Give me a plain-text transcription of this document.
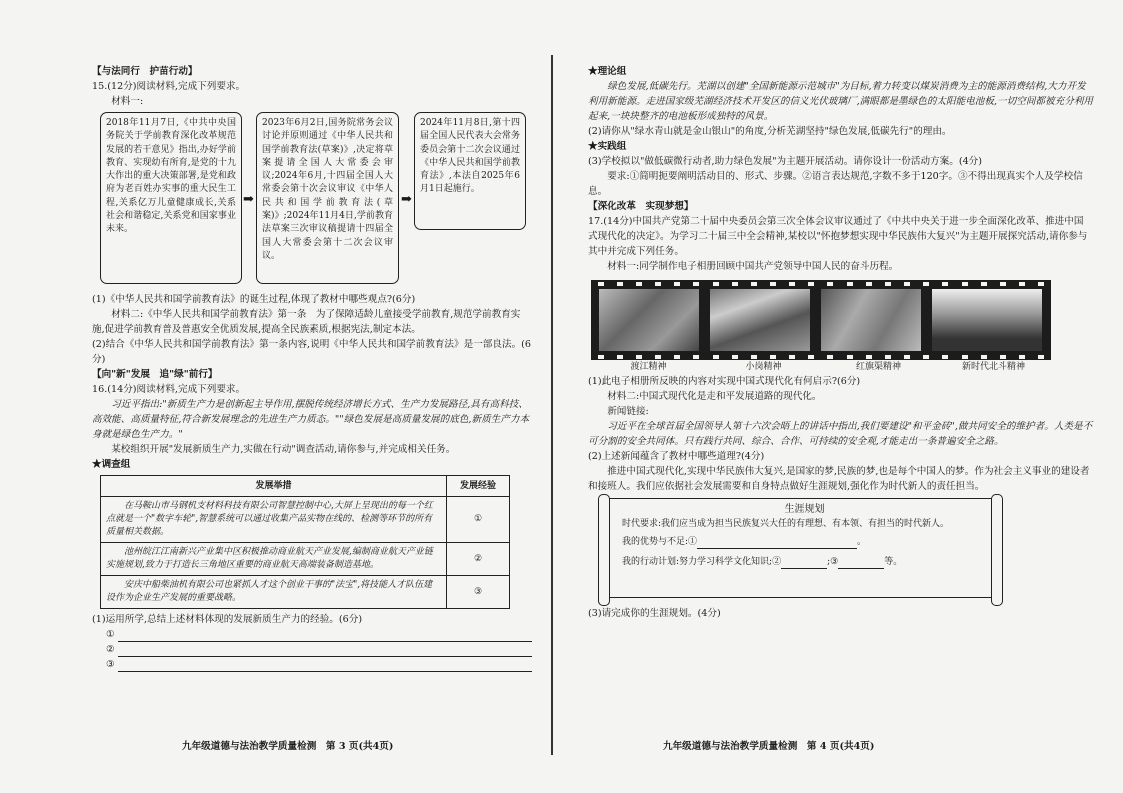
【与法同行　护苗行动】
15.(12分)阅读材料,完成下列要求。
材料一:
2018年11月7日,《中共中央国务院关于学前教育深化改革规范发展的若干意见》指出,办好学前教育、实现幼有所育,是党的十九大作出的重大决策部署,是党和政府为老百姓办实事的重大民生工程,关系亿万儿童健康成长,关系社会和谐稳定,关系党和国家事业未来。
➡
2023年6月2日,国务院常务会议讨论并原则通过《中华人民共和国学前教育法(草案)》,决定将草案提请全国人大常委会审议;2024年6月,十四届全国人大常委会第十次会议审议《中华人民共和国学前教育法(草案)》;2024年11月4日,学前教育法草案三次审议稿提请十四届全国人大常委会第十二次会议审议。
➡
2024年11月8日,第十四届全国人民代表大会常务委员会第十二次会议通过《中华人民共和国学前教育法》,本法自2025年6月1日起施行。
(1)《中华人民共和国学前教育法》的诞生过程,体现了教材中哪些观点?(6分)
材料二:《中华人民共和国学前教育法》第一条　为了保障适龄儿童接受学前教育,规范学前教育实施,促进学前教育普及普惠安全优质发展,提高全民族素质,根据宪法,制定本法。
(2)结合《中华人民共和国学前教育法》第一条内容,说明《中华人民共和国学前教育法》是一部良法。(6分)
【向"新"发展　追"绿"前行】
16.(14分)阅读材料,完成下列要求。
习近平指出:"新质生产力是创新起主导作用,摆脱传统经济增长方式、生产力发展路径,具有高科技、高效能、高质量特征,符合新发展理念的先进生产力质态。""绿色发展是高质量发展的底色,新质生产力本身就是绿色生产力。"
某校组织开展"发展新质生产力,实做在行动"调查活动,请你参与,并完成相关任务。
★调查组
发展举措	发展经验
在马鞍山市马钢机支材料科技有限公司智慧控制中心,大屏上呈现出的每一个红点就是一个"数字车轮",智慧系统可以通过收集产品实物在线的、检测等环节的所有质量相关数据。	①
池州皖江江南新兴产业集中区积极推动商业航天产业发展,编制商业航天产业链实施规划,致力于打造长三角地区重要的商业航天高端装备制造基地。	②
安庆中船柴油机有限公司也紧抓人才这个创业干事的"法宝",将技能人才队伍建设作为企业生产发展的重要战略。	③
(1)运用所学,总结上述材料体现的发展新质生产力的经验。(6分)
①
②
③
九年级道德与法治教学质量检测　第 3 页(共4页)
★理论组
绿色发展,低碳先行。芜湖以创建"全国新能源示范城市"为目标,着力转变以煤炭消费为主的能源消费结构,大力开发利用新能源。走进国家级芜湖经济技术开发区的信义光伏玻璃厂,满眼都是墨绿色的太阳能电池板,一切空间都被充分利用起来,一块块整齐的电池板形成独特的风景。
(2)请你从"绿水青山就是金山银山"的角度,分析芜湖坚持"绿色发展,低碳先行"的理由。
★实践组
(3)学校拟以"做低碳微行动者,助力绿色发展"为主题开展活动。请你设计一份活动方案。(4分)
要求:①简明扼要阐明活动目的、形式、步骤。②语言表达规范,字数不多于120字。③不得出现真实个人及学校信息。
【深化改革　实现梦想】
17.(14分)中国共产党第二十届中央委员会第三次全体会议审议通过了《中共中央关于进一步全面深化改革、推进中国式现代化的决定》。为学习二十届三中全会精神,某校以"怀抱梦想实现中华民族伟大复兴"为主题开展探究活动,请你参与其中并完成下列任务。
材料一:同学制作电子相册回顾中国共产党领导中国人民的奋斗历程。
渡江精神	小岗精神	红旗渠精神	新时代北斗精神
(1)此电子相册所反映的内容对实现中国式现代化有何启示?(6分)
材料二:中国式现代化是走和平发展道路的现代化。
新闻链接:
习近平在全球首届全国领导人第十六次会晤上的讲话中指出,我们要建设"和平金砖",做共同安全的维护者。人类是不可分割的安全共同体。只有践行共同、综合、合作、可持续的安全观,才能走出一条普遍安全之路。
(2)上述新闻蕴含了教材中哪些道理?(4分)
推进中国式现代化,实现中华民族伟大复兴,是国家的梦,民族的梦,也是每个中国人的梦。作为社会主义事业的建设者和接班人。我们应依据社会发展需要和自身特点做好生涯规划,强化作为时代新人的责任担当。
生涯规划
时代要求:我们应当成为担当民族复兴大任的有理想、有本领、有担当的时代新人。
我的优势与不足:①	。
我的行动计划:努力学习科学文化知识;②	;③	等。
(3)请完成你的生涯规划。(4分)
九年级道德与法治教学质量检测　第 4 页(共4页)
